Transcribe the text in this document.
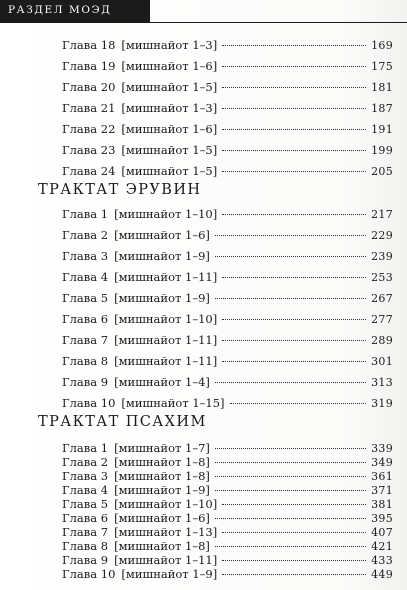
РАЗДЕЛ МОЭД
Глава 18 [мишнайот 1–3]	169
Глава 19 [мишнайот 1–6]	175
Глава 20 [мишнайот 1–5]	181
Глава 21 [мишнайот 1–3]	187
Глава 22 [мишнайот 1–6]	191
Глава 23 [мишнайот 1–5]	199
Глава 24 [мишнайот 1–5]	205
ТРАКТАТ ЭРУВИН
Глава 1 [мишнайот 1–10]	217
Глава 2 [мишнайот 1–6]	229
Глава 3 [мишнайот 1–9]	239
Глава 4 [мишнайот 1–11]	253
Глава 5 [мишнайот 1–9]	267
Глава 6 [мишнайот 1–10]	277
Глава 7 [мишнайот 1–11]	289
Глава 8 [мишнайот 1–11]	301
Глава 9 [мишнайот 1–4]	313
Глава 10 [мишнайот 1–15]	319
ТРАКТАТ ПСАХИМ
Глава 1 [мишнайот 1–7]	339
Глава 2 [мишнайот 1–8]	349
Глава 3 [мишнайот 1–8]	361
Глава 4 [мишнайот 1–9]	371
Глава 5 [мишнайот 1–10]	381
Глава 6 [мишнайот 1–6]	395
Глава 7 [мишнайот 1–13]	407
Глава 8 [мишнайот 1–8]	421
Глава 9 [мишнайот 1–11]	433
Глава 10 [мишнайот 1–9]	449
